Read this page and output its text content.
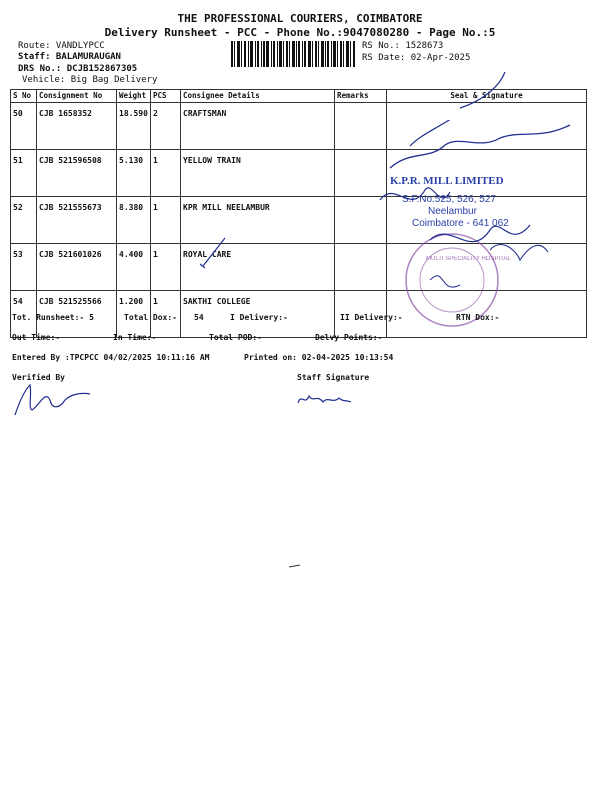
THE PROFESSIONAL COURIERS, COIMBATORE
Delivery Runsheet - PCC - Phone No.:9047080280 - Page No.:5
Route: VANDLYPCC
Staff: BALAMURAUGAN
DRS No.: DCJB152867305
Vehicle: Big Bag Delivery
RS No.: 1528673
RS Date: 02-Apr-2025
S No	Consignment No	Weight	PCS	Consignee Details	Remarks	Seal & Signature
50	CJB 1658352	18.590	2	CRAFTSMAN		
51	CJB 521596508	5.130	1	YELLOW TRAIN		
52	CJB 521555673	8.380	1	KPR MILL NEELAMBUR		
53	CJB 521601026	4.400	1	ROYAL CARE		
54	CJB 521525566	1.200	1	SAKTHI COLLEGE		
K.P.R. MILL LIMITED
S.F.No.525, 526, 527
Neelambur
Coimbatore - 641 062
MULTI SPECIALITY HOSPITAL
Tot. Runsheet:- 5	Total Dox:- 54	I Delivery:-	II Delivery:-	RTN Dox:-
Out Time:-	In Time:-	Total POD:-	Delvy Points:-
Entered By :TPCPCC 04/02/2025 10:11:16 AM	Printed on: 02-04-2025 10:13:54
Verified By	Staff Signature
